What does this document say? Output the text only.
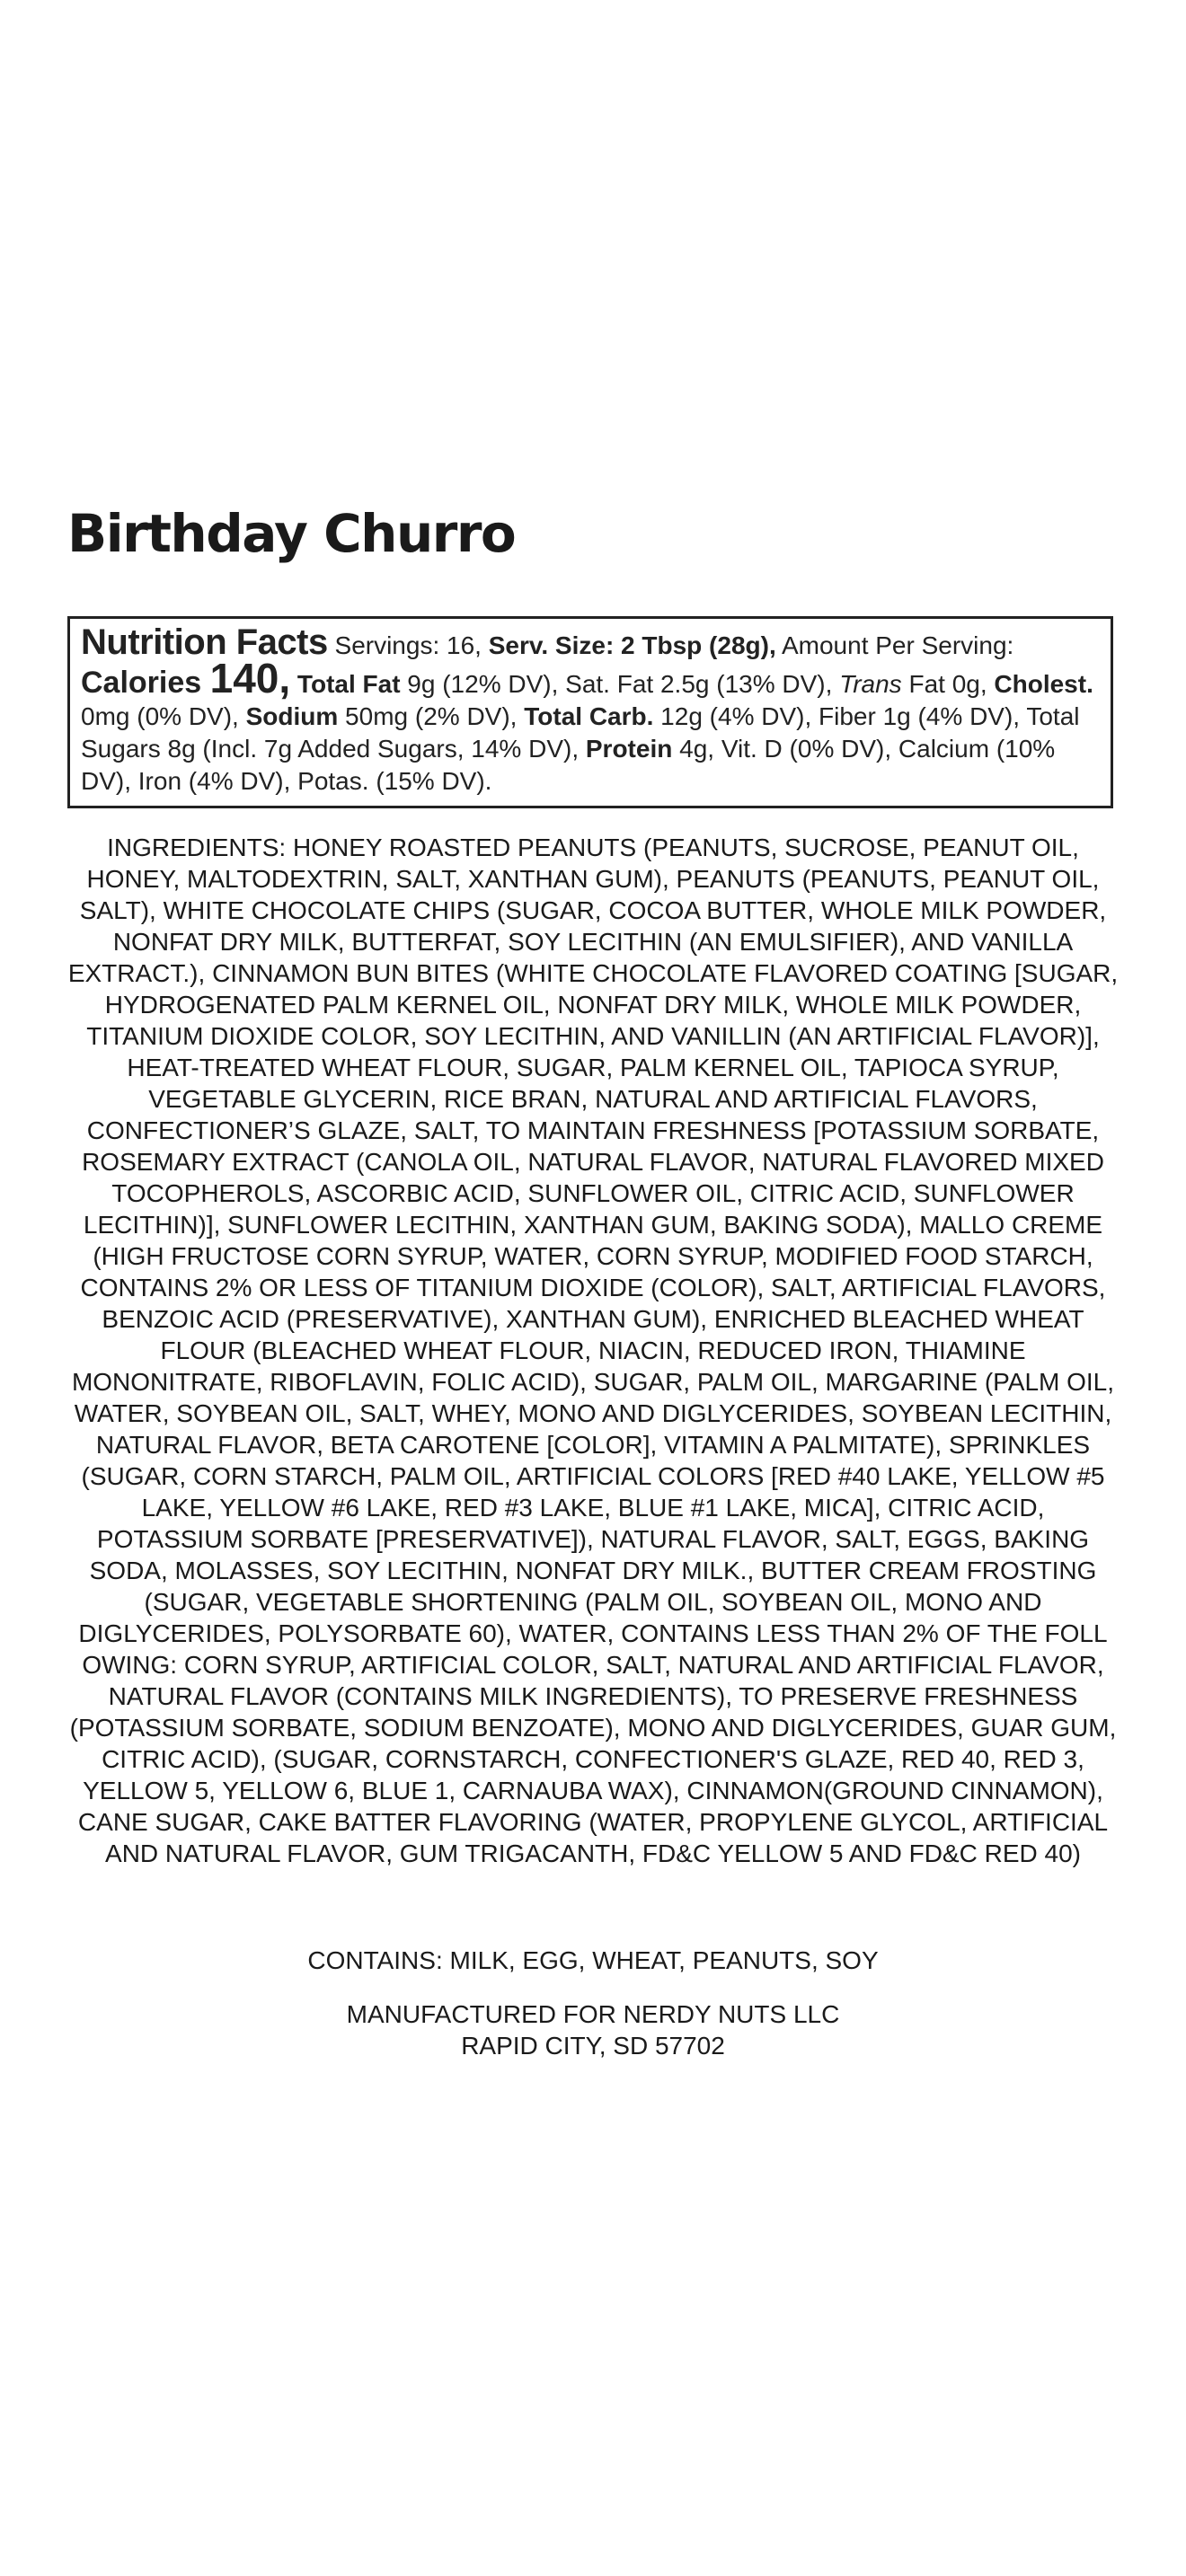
Birthday Churro
Nutrition Facts Servings: 16, Serv. Size: 2 Tbsp (28g), Amount Per Serving: Calories 140, Total Fat 9g (12% DV), Sat. Fat 2.5g (13% DV), Trans Fat 0g, Cholest. 0mg (0% DV), Sodium 50mg (2% DV), Total Carb. 12g (4% DV), Fiber 1g (4% DV), Total Sugars 8g (Incl. 7g Added Sugars, 14% DV), Protein 4g, Vit. D (0% DV), Calcium (10% DV), Iron (4% DV), Potas. (15% DV).
INGREDIENTS: HONEY ROASTED PEANUTS (PEANUTS, SUCROSE, PEANUT OIL, HONEY, MALTODEXTRIN, SALT, XANTHAN GUM), PEANUTS (PEANUTS, PEANUT OIL, SALT), WHITE CHOCOLATE CHIPS (SUGAR, COCOA BUTTER, WHOLE MILK POWDER, NONFAT DRY MILK, BUTTERFAT, SOY LECITHIN (AN EMULSIFIER), AND VANILLA EXTRACT.), CINNAMON BUN BITES (WHITE CHOCOLATE FLAVORED COATING [SUGAR, HYDROGENATED PALM KERNEL OIL, NONFAT DRY MILK, WHOLE MILK POWDER, TITANIUM DIOXIDE COLOR, SOY LECITHIN, AND VANILLIN (AN ARTIFICIAL FLAVOR)], HEAT-TREATED WHEAT FLOUR, SUGAR, PALM KERNEL OIL, TAPIOCA SYRUP, VEGETABLE GLYCERIN, RICE BRAN, NATURAL AND ARTIFICIAL FLAVORS, CONFECTIONER’S GLAZE, SALT, TO MAINTAIN FRESHNESS [POTASSIUM SORBATE, ROSEMARY EXTRACT (CANOLA OIL, NATURAL FLAVOR, NATURAL FLAVORED MIXED TOCOPHEROLS, ASCORBIC ACID, SUNFLOWER OIL, CITRIC ACID, SUNFLOWER LECITHIN)], SUNFLOWER LECITHIN, XANTHAN GUM, BAKING SODA), MALLO CREME (HIGH FRUCTOSE CORN SYRUP, WATER, CORN SYRUP, MODIFIED FOOD STARCH, CONTAINS 2% OR LESS OF TITANIUM DIOXIDE (COLOR), SALT, ARTIFICIAL FLAVORS, BENZOIC ACID (PRESERVATIVE), XANTHAN GUM), ENRICHED BLEACHED WHEAT FLOUR (BLEACHED WHEAT FLOUR, NIACIN, REDUCED IRON, THIAMINE MONONITRATE, RIBOFLAVIN, FOLIC ACID), SUGAR, PALM OIL, MARGARINE (PALM OIL, WATER, SOYBEAN OIL, SALT, WHEY, MONO AND DIGLYCERIDES, SOYBEAN LECITHIN, NATURAL FLAVOR, BETA CAROTENE [COLOR], VITAMIN A PALMITATE), SPRINKLES (SUGAR, CORN STARCH, PALM OIL, ARTIFICIAL COLORS [RED #40 LAKE, YELLOW #5 LAKE, YELLOW #6 LAKE, RED #3 LAKE, BLUE #1 LAKE, MICA], CITRIC ACID, POTASSIUM SORBATE [PRESERVATIVE]), NATURAL FLAVOR, SALT, EGGS, BAKING SODA, MOLASSES, SOY LECITHIN, NONFAT DRY MILK., BUTTER CREAM FROSTING (SUGAR, VEGETABLE SHORTENING (PALM OIL, SOYBEAN OIL, MONO AND DIGLYCERIDES, POLYSORBATE 60), WATER, CONTAINS LESS THAN 2% OF THE FOLL OWING: CORN SYRUP, ARTIFICIAL COLOR, SALT, NATURAL AND ARTIFICIAL FLAVOR, NATURAL FLAVOR (CONTAINS MILK INGREDIENTS), TO PRESERVE FRESHNESS (POTASSIUM SORBATE, SODIUM BENZOATE), MONO AND DIGLYCERIDES, GUAR GUM, CITRIC ACID), (SUGAR, CORNSTARCH, CONFECTIONER'S GLAZE, RED 40, RED 3, YELLOW 5, YELLOW 6, BLUE 1, CARNAUBA WAX), CINNAMON(GROUND CINNAMON), CANE SUGAR, CAKE BATTER FLAVORING (WATER, PROPYLENE GLYCOL, ARTIFICIAL AND NATURAL FLAVOR, GUM TRIGACANTH, FD&C YELLOW 5 AND FD&C RED 40)
CONTAINS: MILK, EGG, WHEAT, PEANUTS, SOY
MANUFACTURED FOR NERDY NUTS LLC
RAPID CITY, SD 57702
